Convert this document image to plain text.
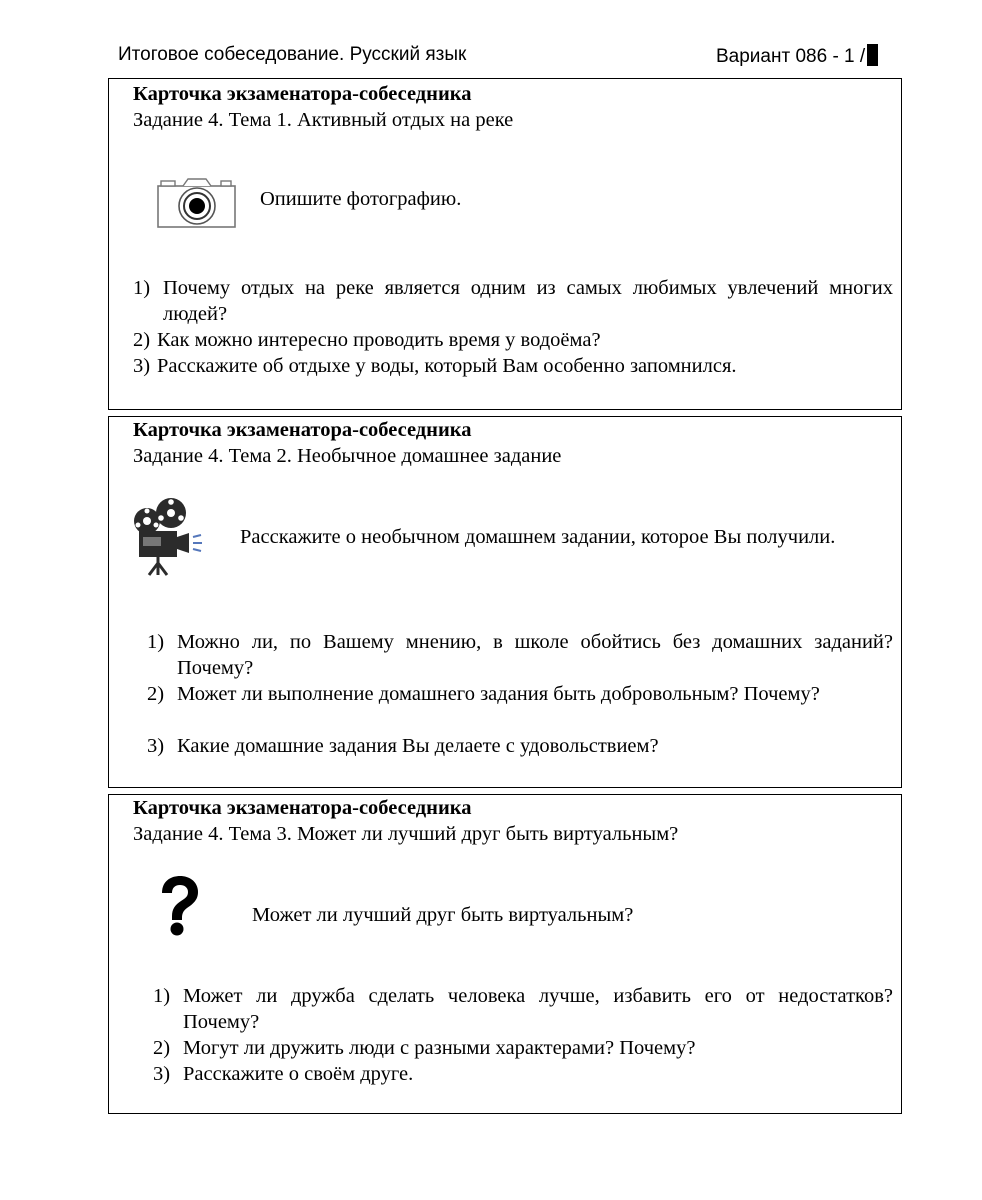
Итоговое собеседование. Русский язык	Вариант 086 - 1 /
Карточка экзаменатора-собеседника
Задание 4. Тема 1. Активный отдых на реке
Опишите фотографию.
1) Почему отдых на реке является одним из самых любимых увлечений многих людей?
2) Как можно интересно проводить время у водоёма?
3) Расскажите об отдыхе у воды, который Вам особенно запомнился.
Карточка экзаменатора-собеседника
Задание 4. Тема 2. Необычное домашнее задание
Расскажите о необычном домашнем задании, которое Вы получили.
1) Можно ли, по Вашему мнению, в школе обойтись без домашних заданий? Почему?
2) Может ли выполнение домашнего задания быть добровольным? Почему?
3) Какие домашние задания Вы делаете с удовольствием?
Карточка экзаменатора-собеседника
Задание 4. Тема 3. Может ли лучший друг быть виртуальным?
Может ли лучший друг быть виртуальным?
1) Может ли дружба сделать человека лучше, избавить его от недостатков? Почему?
2) Могут ли дружить люди с разными характерами? Почему?
3) Расскажите о своём друге.
